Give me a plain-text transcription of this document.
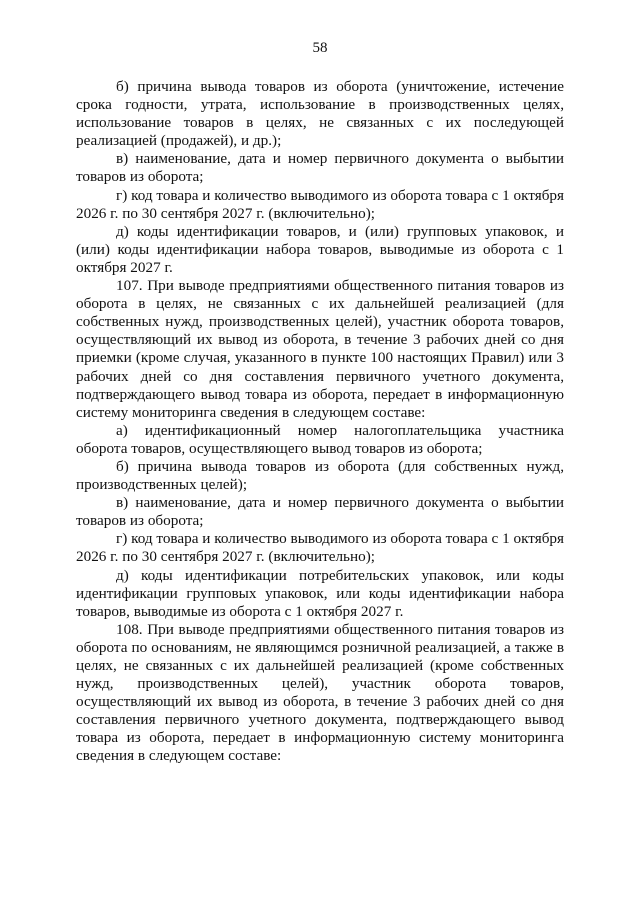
58

б) причина вывода товаров из оборота (уничтожение, истечение срока годности, утрата, использование в производственных целях, использование товаров в целях, не связанных с их последующей реализацией (продажей), и др.);

в) наименование, дата и номер первичного документа о выбытии товаров из оборота;

г) код товара и количество выводимого из оборота товара с 1 октября 2026 г. по 30 сентября 2027 г. (включительно);

д) коды идентификации товаров, и (или) групповых упаковок, и (или) коды идентификации набора товаров, выводимые из оборота с 1 октября 2027 г.

107. При выводе предприятиями общественного питания товаров из оборота в целях, не связанных с их дальнейшей реализацией (для собственных нужд, производственных целей), участник оборота товаров, осуществляющий их вывод из оборота, в течение 3 рабочих дней со дня приемки (кроме случая, указанного в пункте 100 настоящих Правил) или 3 рабочих дней со дня составления первичного учетного документа, подтверждающего вывод товара из оборота, передает в информационную систему мониторинга сведения в следующем составе:

а) идентификационный номер налогоплательщика участника оборота товаров, осуществляющего вывод товаров из оборота;

б) причина вывода товаров из оборота (для собственных нужд, производственных целей);

в) наименование, дата и номер первичного документа о выбытии товаров из оборота;

г) код товара и количество выводимого из оборота товара с 1 октября 2026 г. по 30 сентября 2027 г. (включительно);

д) коды идентификации потребительских упаковок, или коды идентификации групповых упаковок, или коды идентификации набора товаров, выводимые из оборота с 1 октября 2027 г.

108. При выводе предприятиями общественного питания товаров из оборота по основаниям, не являющимся розничной реализацией, а также в целях, не связанных с их дальнейшей реализацией (кроме собственных нужд, производственных целей), участник оборота товаров, осуществляющий их вывод из оборота, в течение 3 рабочих дней со дня составления первичного учетного документа, подтверждающего вывод товара из оборота, передает в информационную систему мониторинга сведения в следующем составе:
